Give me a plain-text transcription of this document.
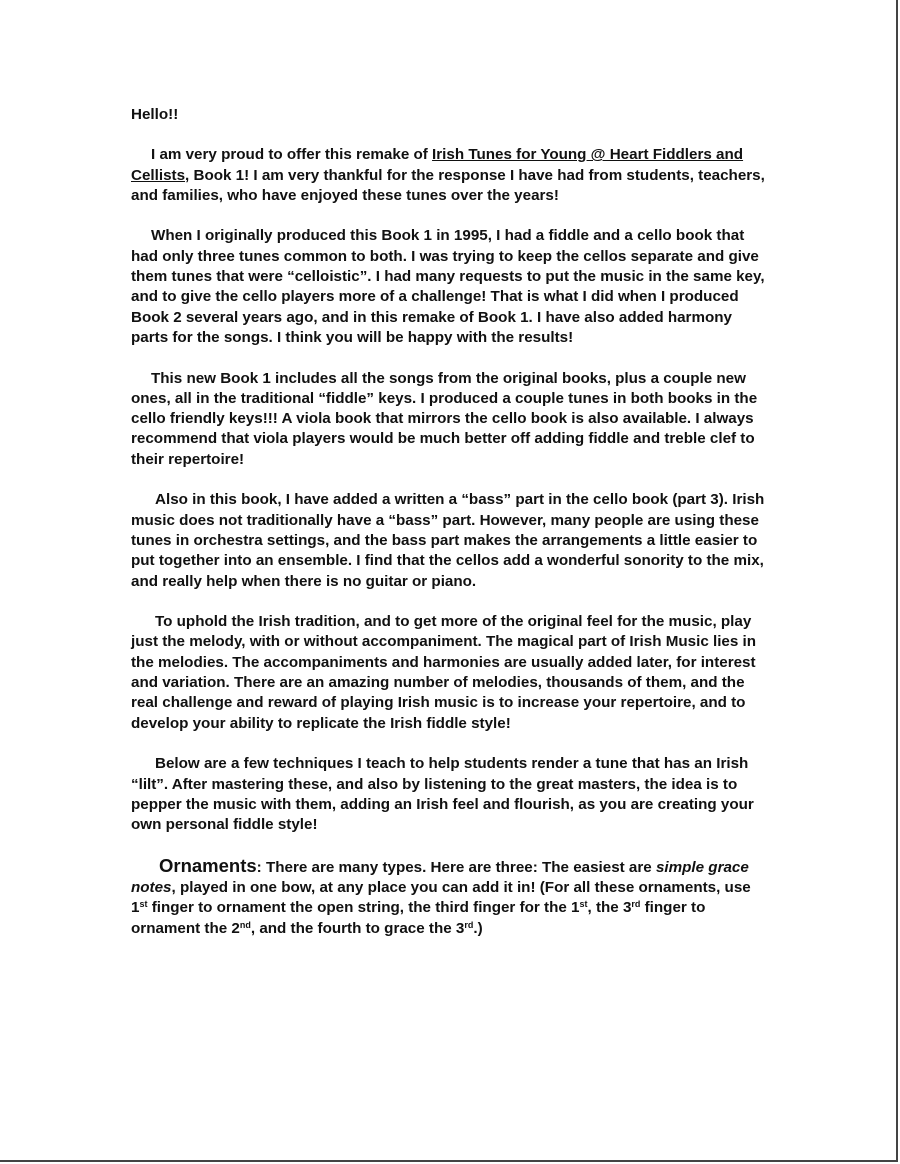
Hello!!

I am very proud to offer this remake of Irish Tunes for Young @ Heart Fiddlers and Cellists, Book 1! I am very thankful for the response I have had from students, teachers, and families, who have enjoyed these tunes over the years!

When I originally produced this Book 1 in 1995, I had a fiddle and a cello book that had only three tunes common to both. I was trying to keep the cellos separate and give them tunes that were “celloistic”. I had many requests to put the music in the same key, and to give the cello players more of a challenge! That is what I did when I produced Book 2 several years ago, and in this remake of Book 1. I have also added harmony parts for the songs. I think you will be happy with the results!

This new Book 1 includes all the songs from the original books, plus a couple new ones, all in the traditional “fiddle” keys. I produced a couple tunes in both books in the cello friendly keys!!! A viola book that mirrors the cello book is also available. I always recommend that viola players would be much better off adding fiddle and treble clef to their repertoire!

Also in this book, I have added a written a “bass” part in the cello book (part 3). Irish music does not traditionally have a “bass” part. However, many people are using these tunes in orchestra settings, and the bass part makes the arrangements a little easier to put together into an ensemble. I find that the cellos add a wonderful sonority to the mix, and really help when there is no guitar or piano.

To uphold the Irish tradition, and to get more of the original feel for the music, play just the melody, with or without accompaniment. The magical part of Irish Music lies in the melodies. The accompaniments and harmonies are usually added later, for interest and variation. There are an amazing number of melodies, thousands of them, and the real challenge and reward of playing Irish music is to increase your repertoire, and to develop your ability to replicate the Irish fiddle style!

Below are a few techniques I teach to help students render a tune that has an Irish “lilt”. After mastering these, and also by listening to the great masters, the idea is to pepper the music with them, adding an Irish feel and flourish, as you are creating your own personal fiddle style!

Ornaments: There are many types. Here are three: The easiest are simple grace notes, played in one bow, at any place you can add it in! (For all these ornaments, use 1st finger to ornament the open string, the third finger for the 1st, the 3rd finger to ornament the 2nd, and the fourth to grace the 3rd.)
